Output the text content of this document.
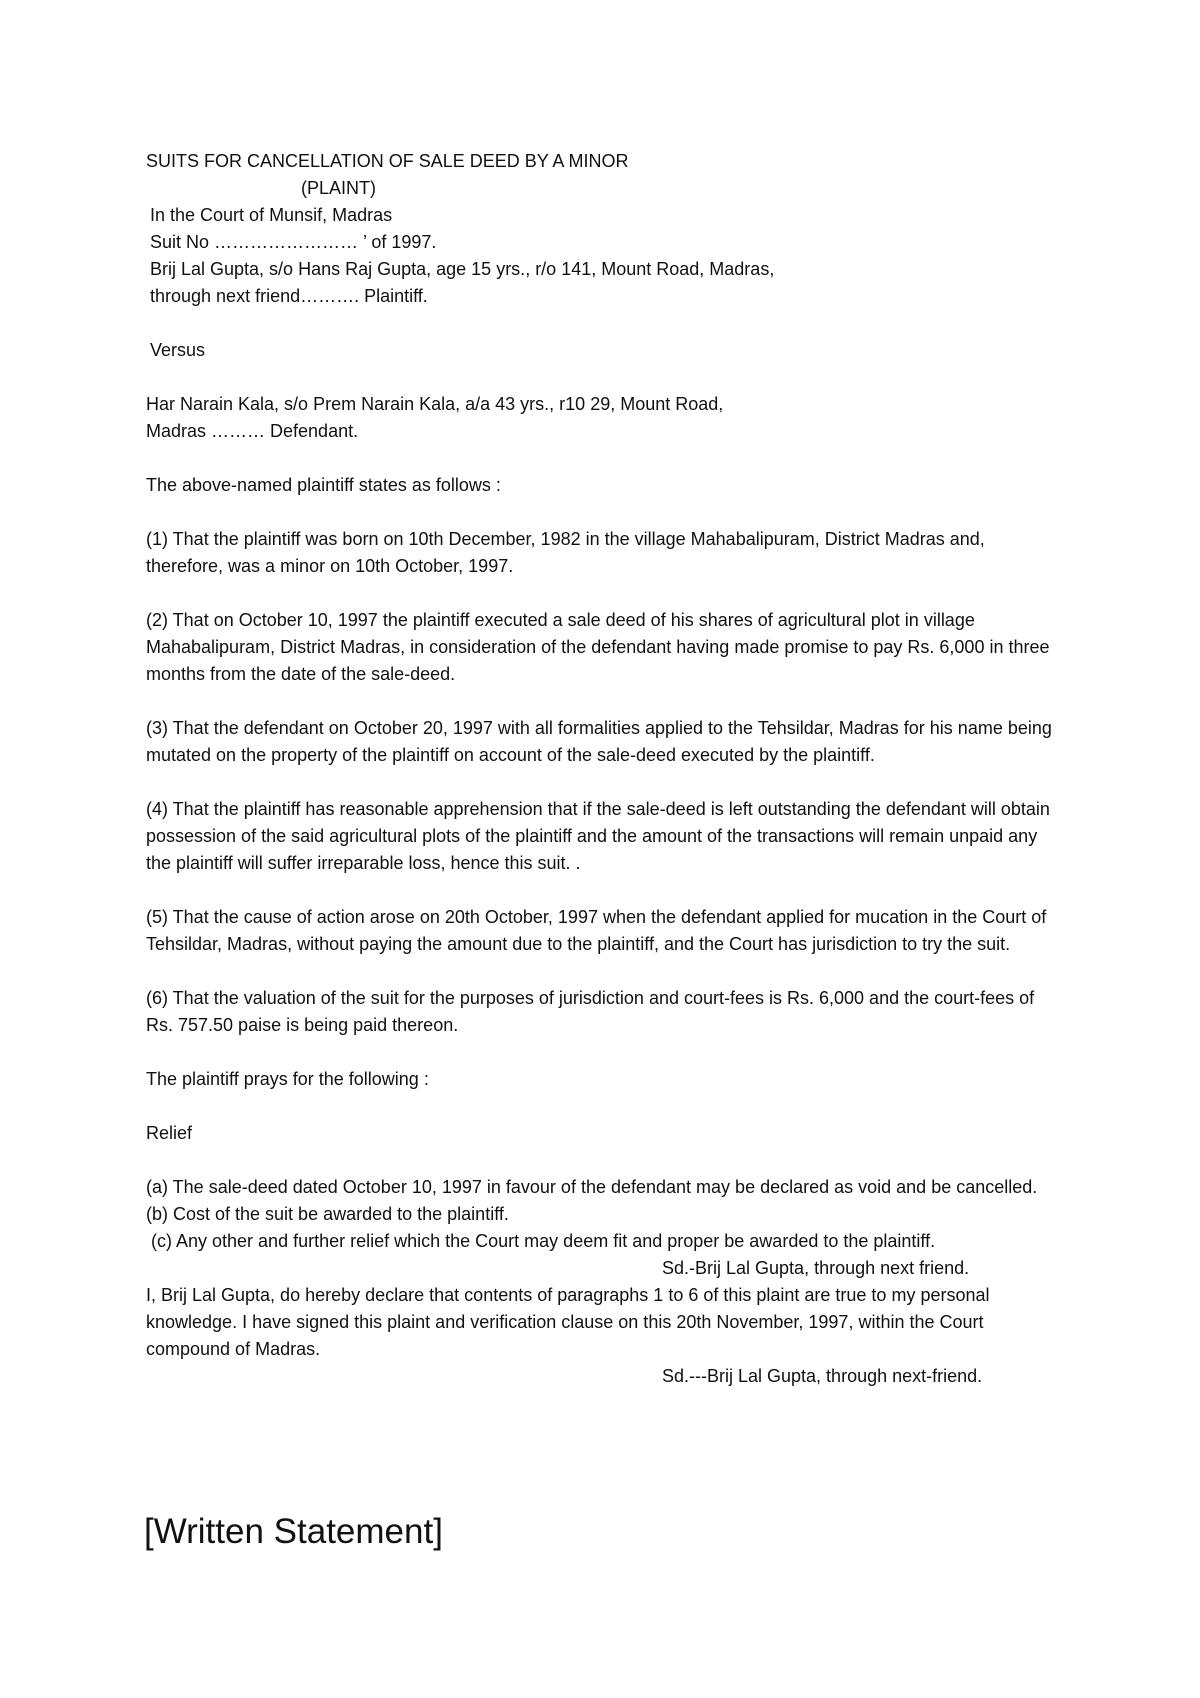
SUITS FOR CANCELLATION OF SALE DEED BY A MINOR
(PLAINT)
In the Court of Munsif, Madras
Suit No …………………… ’ of 1997.
Brij Lal Gupta, s/o Hans Raj Gupta, age 15 yrs., r/o 141, Mount Road, Madras,
through next friend………. Plaintiff.
Versus
Har Narain Kala, s/o Prem Narain Kala, a/a 43 yrs., r10 29, Mount Road,
Madras ……… Defendant.
The above-named plaintiff states as follows :

(1) That the plaintiff was born on 10th December, 1982 in the village Mahabalipuram, District Madras and, therefore, was a minor on 10th October, 1997.

(2) That on October 10, 1997 the plaintiff executed a sale deed of his shares of agricultural plot in village Mahabalipuram, District Madras, in consideration of the defendant having made promise to pay Rs. 6,000 in three months from the date of the sale-deed.

(3) That the defendant on October 20, 1997 with all formalities applied to the Tehsildar, Madras for his name being mutated on the property of the plaintiff on account of the sale-deed executed by the plaintiff.

(4) That the plaintiff has reasonable apprehension that if the sale-deed is left outstanding the defendant will obtain possession of the said agricultural plots of the plaintiff and the amount of the transactions will remain unpaid any the plaintiff will suffer irreparable loss, hence this suit. .

(5) That the cause of action arose on 20th October, 1997 when the defendant applied for mucation in the Court of Tehsildar, Madras, without paying the amount due to the plaintiff, and the Court has jurisdiction to try the suit.

(6) That the valuation of the suit for the purposes of jurisdiction and court-fees is Rs. 6,000 and the court-fees of Rs. 757.50 paise is being paid thereon.

The plaintiff prays for the following :
Relief

(a) The sale-deed dated October 10, 1997 in favour of the defendant may be declared as void and be cancelled.

(b) Cost of the suit be awarded to the plaintiff.
(c) Any other and further relief which the Court may deem fit and proper be awarded to the plaintiff.
Sd.-Brij Lal Gupta, through next friend.

I, Brij Lal Gupta, do hereby declare that contents of paragraphs 1 to 6 of this plaint are true to my personal knowledge. I have signed this plaint and verification clause on this 20th November, 1997, within the Court compound of Madras.

Sd.---Brij Lal Gupta, through next-friend.
[Written Statement]
